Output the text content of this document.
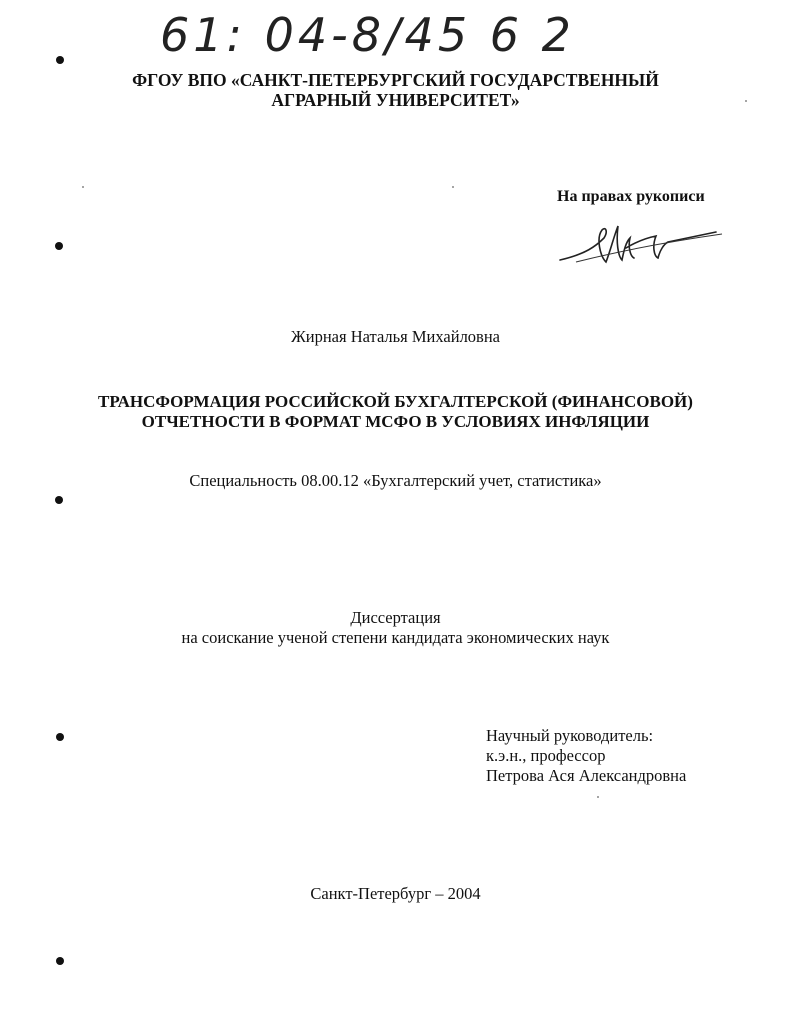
61: 04-8/45 6 2
ФГОУ ВПО «САНКТ-ПЕТЕРБУРГСКИЙ ГОСУДАРСТВЕННЫЙ
АГРАРНЫЙ УНИВЕРСИТЕТ»
На правах рукописи
Жирная Наталья Михайловна
ТРАНСФОРМАЦИЯ РОССИЙСКОЙ БУХГАЛТЕРСКОЙ (ФИНАНСОВОЙ)
ОТЧЕТНОСТИ В ФОРМАТ МСФО В УСЛОВИЯХ ИНФЛЯЦИИ
Специальность 08.00.12 «Бухгалтерский учет, статистика»
Диссертация
на соискание ученой степени кандидата экономических наук
Научный руководитель:
к.э.н., профессор
Петрова Ася Александровна
Санкт-Петербург – 2004
